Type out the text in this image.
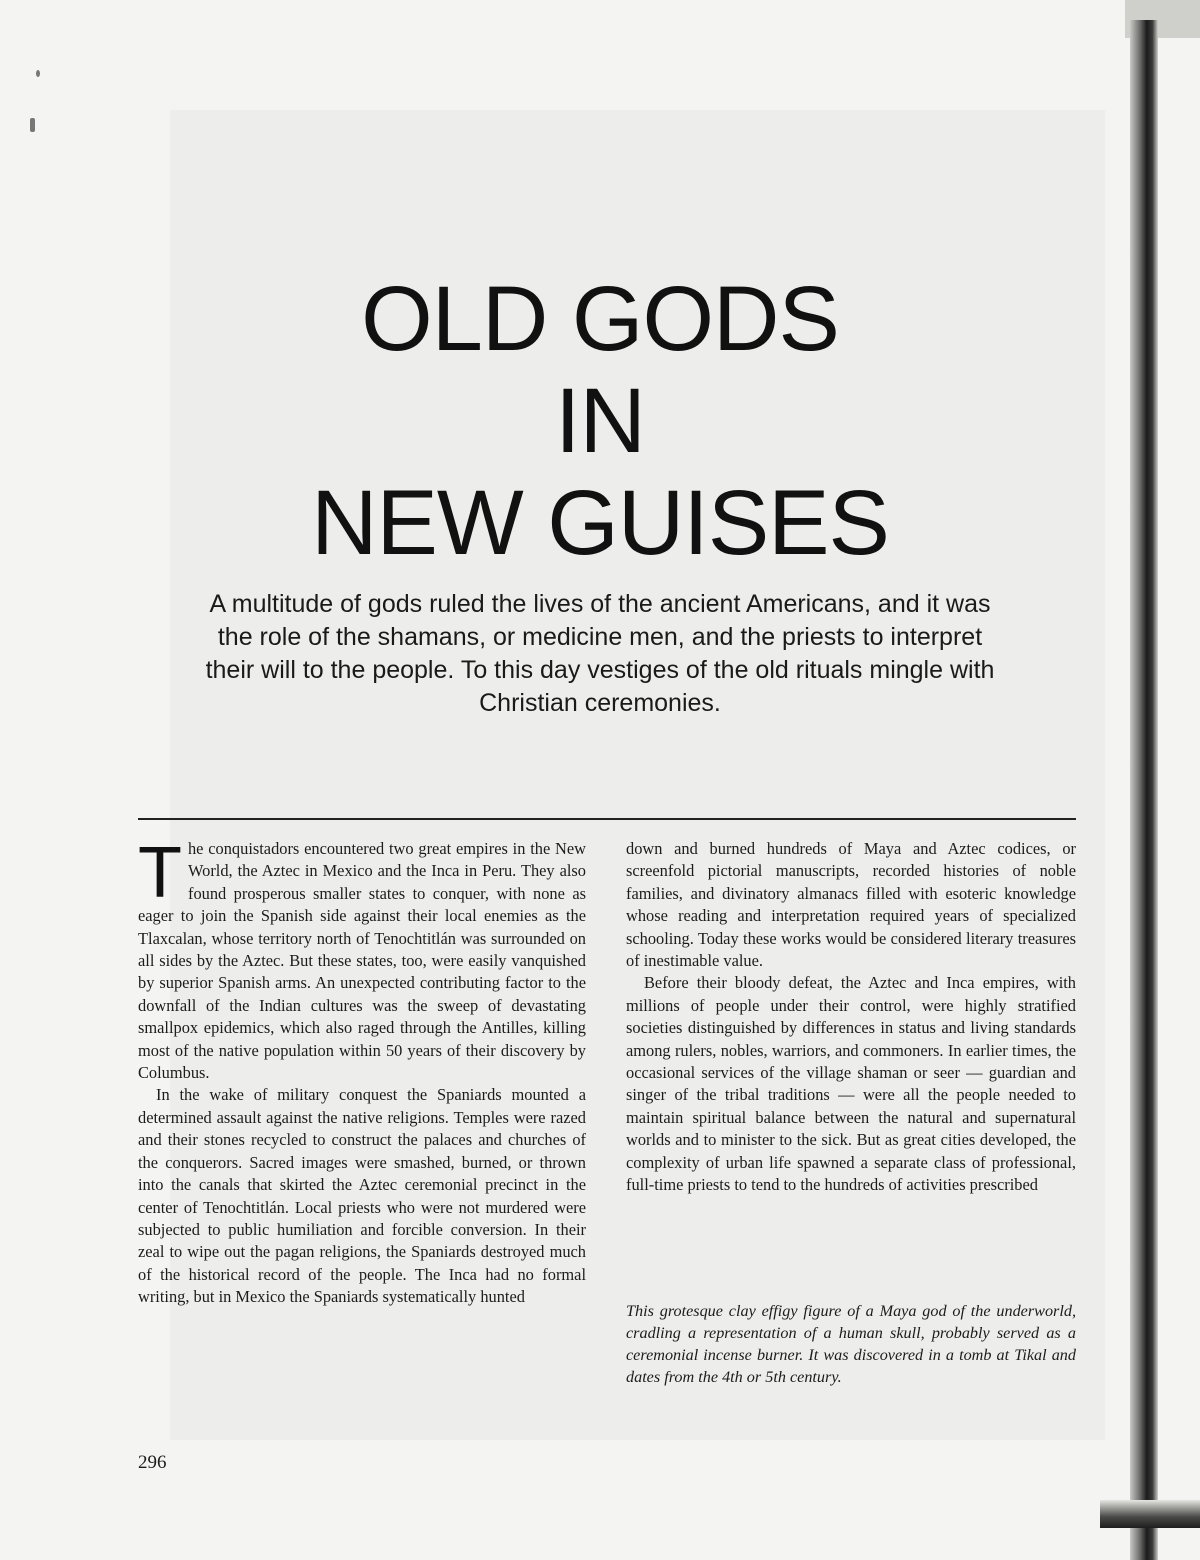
OLD GODS
IN
NEW GUISES

A multitude of gods ruled the lives of the ancient Americans, and it was the role of the shamans, or medicine men, and the priests to interpret their will to the people. To this day vestiges of the old rituals mingle with Christian ceremonies.

The conquistadors encountered two great empires in the New World, the Aztec in Mexico and the Inca in Peru. They also found prosperous smaller states to conquer, with none as eager to join the Spanish side against their local enemies as the Tlaxcalan, whose territory north of Tenochtitlán was surrounded on all sides by the Aztec. But these states, too, were easily vanquished by superior Spanish arms. An unexpected contributing factor to the downfall of the Indian cultures was the sweep of devastating smallpox epidemics, which also raged through the Antilles, killing most of the native population within 50 years of their discovery by Columbus.

In the wake of military conquest the Spaniards mounted a determined assault against the native religions. Temples were razed and their stones recycled to construct the palaces and churches of the conquerors. Sacred images were smashed, burned, or thrown into the canals that skirted the Aztec ceremonial precinct in the center of Tenochtitlán. Local priests who were not murdered were subjected to public humiliation and forcible conversion. In their zeal to wipe out the pagan religions, the Spaniards destroyed much of the historical record of the people. The Inca had no formal writing, but in Mexico the Spaniards systematically hunted

down and burned hundreds of Maya and Aztec codices, or screenfold pictorial manuscripts, recorded histories of noble families, and divinatory almanacs filled with esoteric knowledge whose reading and interpretation required years of specialized schooling. Today these works would be considered literary treasures of inestimable value.

Before their bloody defeat, the Aztec and Inca empires, with millions of people under their control, were highly stratified societies distinguished by differences in status and living standards among rulers, nobles, warriors, and commoners. In earlier times, the occasional services of the village shaman or seer — guardian and singer of the tribal traditions — were all the people needed to maintain spiritual balance between the natural and supernatural worlds and to minister to the sick. But as great cities developed, the complexity of urban life spawned a separate class of professional, full-time priests to tend to the hundreds of activities prescribed

This grotesque clay effigy figure of a Maya god of the underworld, cradling a representation of a human skull, probably served as a ceremonial incense burner. It was discovered in a tomb at Tikal and dates from the 4th or 5th century.

296
